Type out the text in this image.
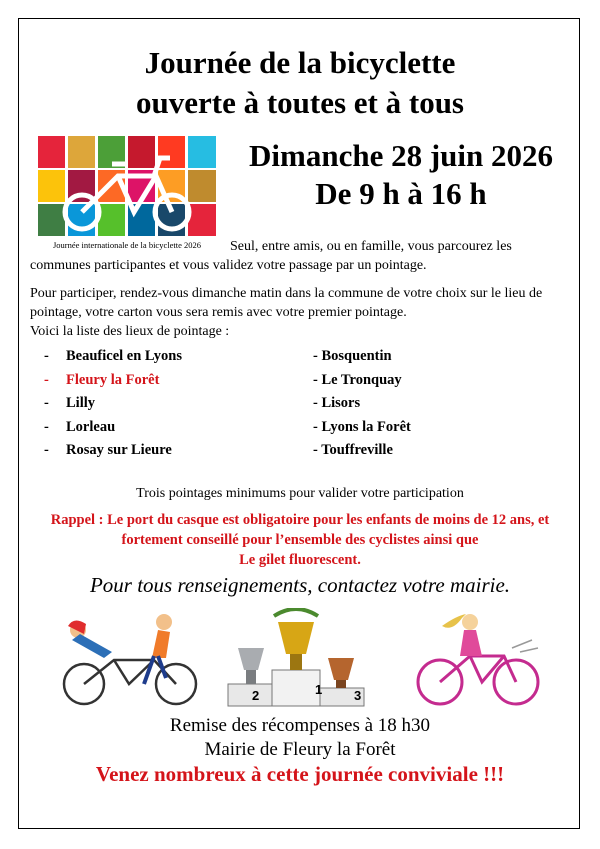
Journée de la bicyclette
ouverte à toutes et à tous
Journée internationale de la bicyclette 2026
Dimanche 28 juin 2026
De 9 h à 16 h
Seul, entre amis, ou en famille, vous parcourez les communes participantes et vous validez votre passage par un pointage.
Pour participer, rendez-vous dimanche matin dans la commune de votre choix sur le lieu de pointage, votre carton vous sera remis avec votre premier pointage.
Voici la liste des lieux de pointage :
- Beauficel en Lyons
- Fleury la Forêt
- Lilly
- Lorleau
- Rosay sur Lieure
- Bosquentin
- Le Tronquay
- Lisors
- Lyons la Forêt
- Touffreville
Trois pointages minimums pour valider votre participation
Rappel : Le port du casque est obligatoire pour les enfants de moins de 12 ans, et fortement conseillé pour l’ensemble des cyclistes ainsi que
Le gilet fluorescent.
Pour tous renseignements, contactez votre mairie.
2	1 3
Remise des récompenses à 18 h30
Mairie de Fleury la Forêt
Venez nombreux à cette journée conviviale !!!
